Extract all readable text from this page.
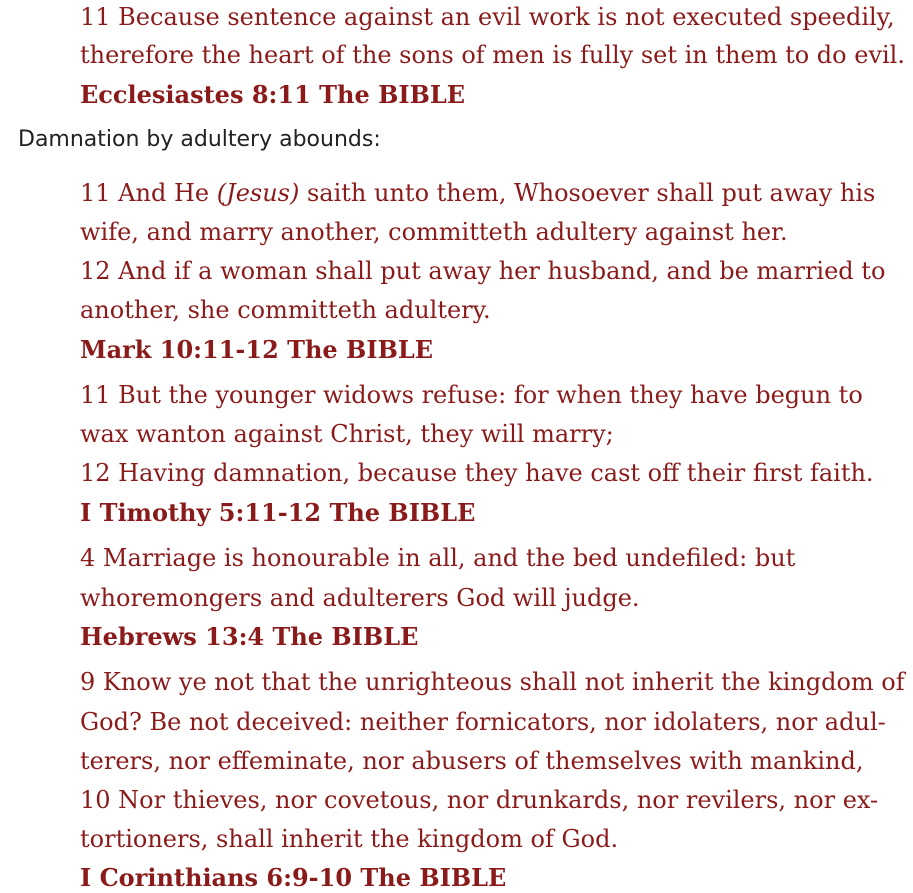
11 Because sentence against an evil work is not executed speedily,
therefore the heart of the sons of men is fully set in them to do evil.
Ecclesiastes 8:11 The BIBLE
Damnation by adultery abounds:
11 And He (Jesus) saith unto them, Whosoever shall put away his
wife, and marry another, committeth adultery against her.
12 And if a woman shall put away her husband, and be married to
another, she committeth adultery.
Mark 10:11-12 The BIBLE
11 But the younger widows refuse: for when they have begun to
wax wanton against Christ, they will marry;
12 Having damnation, because they have cast off their first faith.
I Timothy 5:11-12 The BIBLE
4 Marriage is honourable in all, and the bed undefiled: but
whoremongers and adulterers God will judge.
Hebrews 13:4 The BIBLE
9 Know ye not that the unrighteous shall not inherit the kingdom of
God? Be not deceived: neither fornicators, nor idolaters, nor adul-
terers, nor effeminate, nor abusers of themselves with mankind,
10 Nor thieves, nor covetous, nor drunkards, nor revilers, nor ex-
tortioners, shall inherit the kingdom of God.
I Corinthians 6:9-10 The BIBLE
